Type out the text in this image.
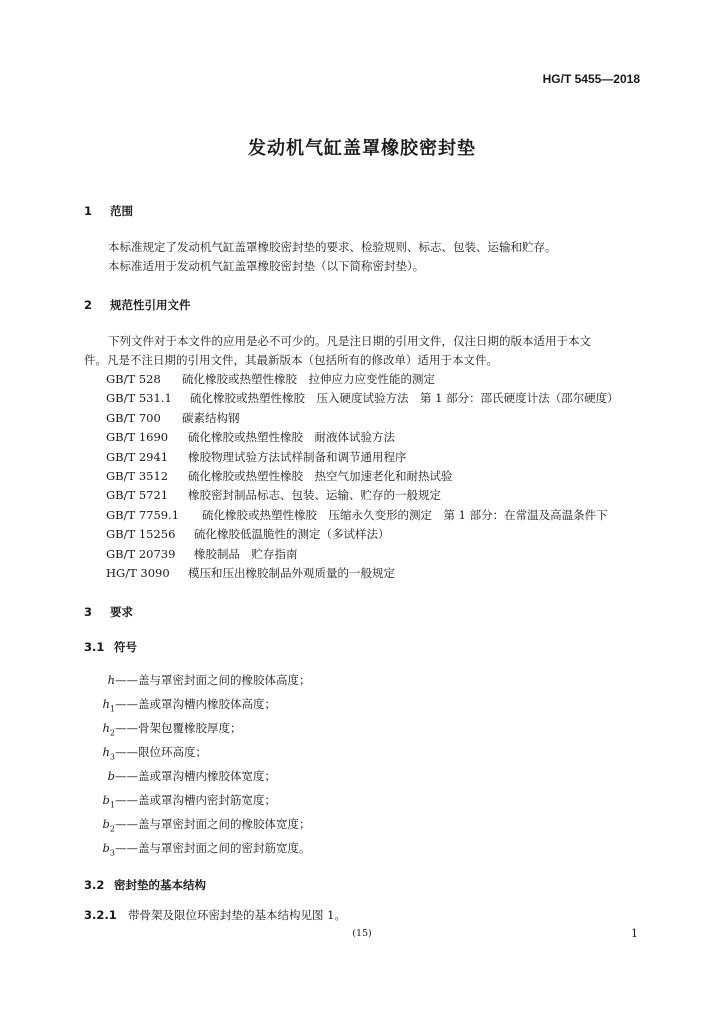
HG/T 5455—2018
发动机气缸盖罩橡胶密封垫
1 范围
本标准规定了发动机气缸盖罩橡胶密封垫的要求、检验规则、标志、包装、运输和贮存。
本标准适用于发动机气缸盖罩橡胶密封垫（以下简称密封垫）。
2 规范性引用文件
下列文件对于本文件的应用是必不可少的。凡是注日期的引用文件，仅注日期的版本适用于本文
件。凡是不注日期的引用文件，其最新版本（包括所有的修改单）适用于本文件。
GB/T 528 硫化橡胶或热塑性橡胶　拉伸应力应变性能的测定
GB/T 531.1 硫化橡胶或热塑性橡胶　压入硬度试验方法　第 1 部分：邵氏硬度计法（邵尔硬度）
GB/T 700 碳素结构钢
GB/T 1690 硫化橡胶或热塑性橡胶　耐液体试验方法
GB/T 2941 橡胶物理试验方法试样制备和调节通用程序
GB/T 3512 硫化橡胶或热塑性橡胶　热空气加速老化和耐热试验
GB/T 5721 橡胶密封制品标志、包装、运输、贮存的一般规定
GB/T 7759.1 硫化橡胶或热塑性橡胶　压缩永久变形的测定　第 1 部分：在常温及高温条件下
GB/T 15256 硫化橡胶低温脆性的测定（多试样法）
GB/T 20739 橡胶制品　贮存指南
HG/T 3090 模压和压出橡胶制品外观质量的一般规定
3 要求
3.1 符号
h——盖与罩密封面之间的橡胶体高度；
$h_1——$盖或罩沟槽内橡胶体高度；
$h_2——$骨架包覆橡胶厚度；
$h_3——$限位环高度；
b——盖或罩沟槽内橡胶体宽度；
$b_1——$盖或罩沟槽内密封筋宽度；
$b_2——$盖与罩密封面之间的橡胶体宽度；
$b_3——$盖与罩密封面之间的密封筋宽度。
3.2 密封垫的基本结构
3.2.1 带骨架及限位环密封垫的基本结构见图 1。
(15)	1
